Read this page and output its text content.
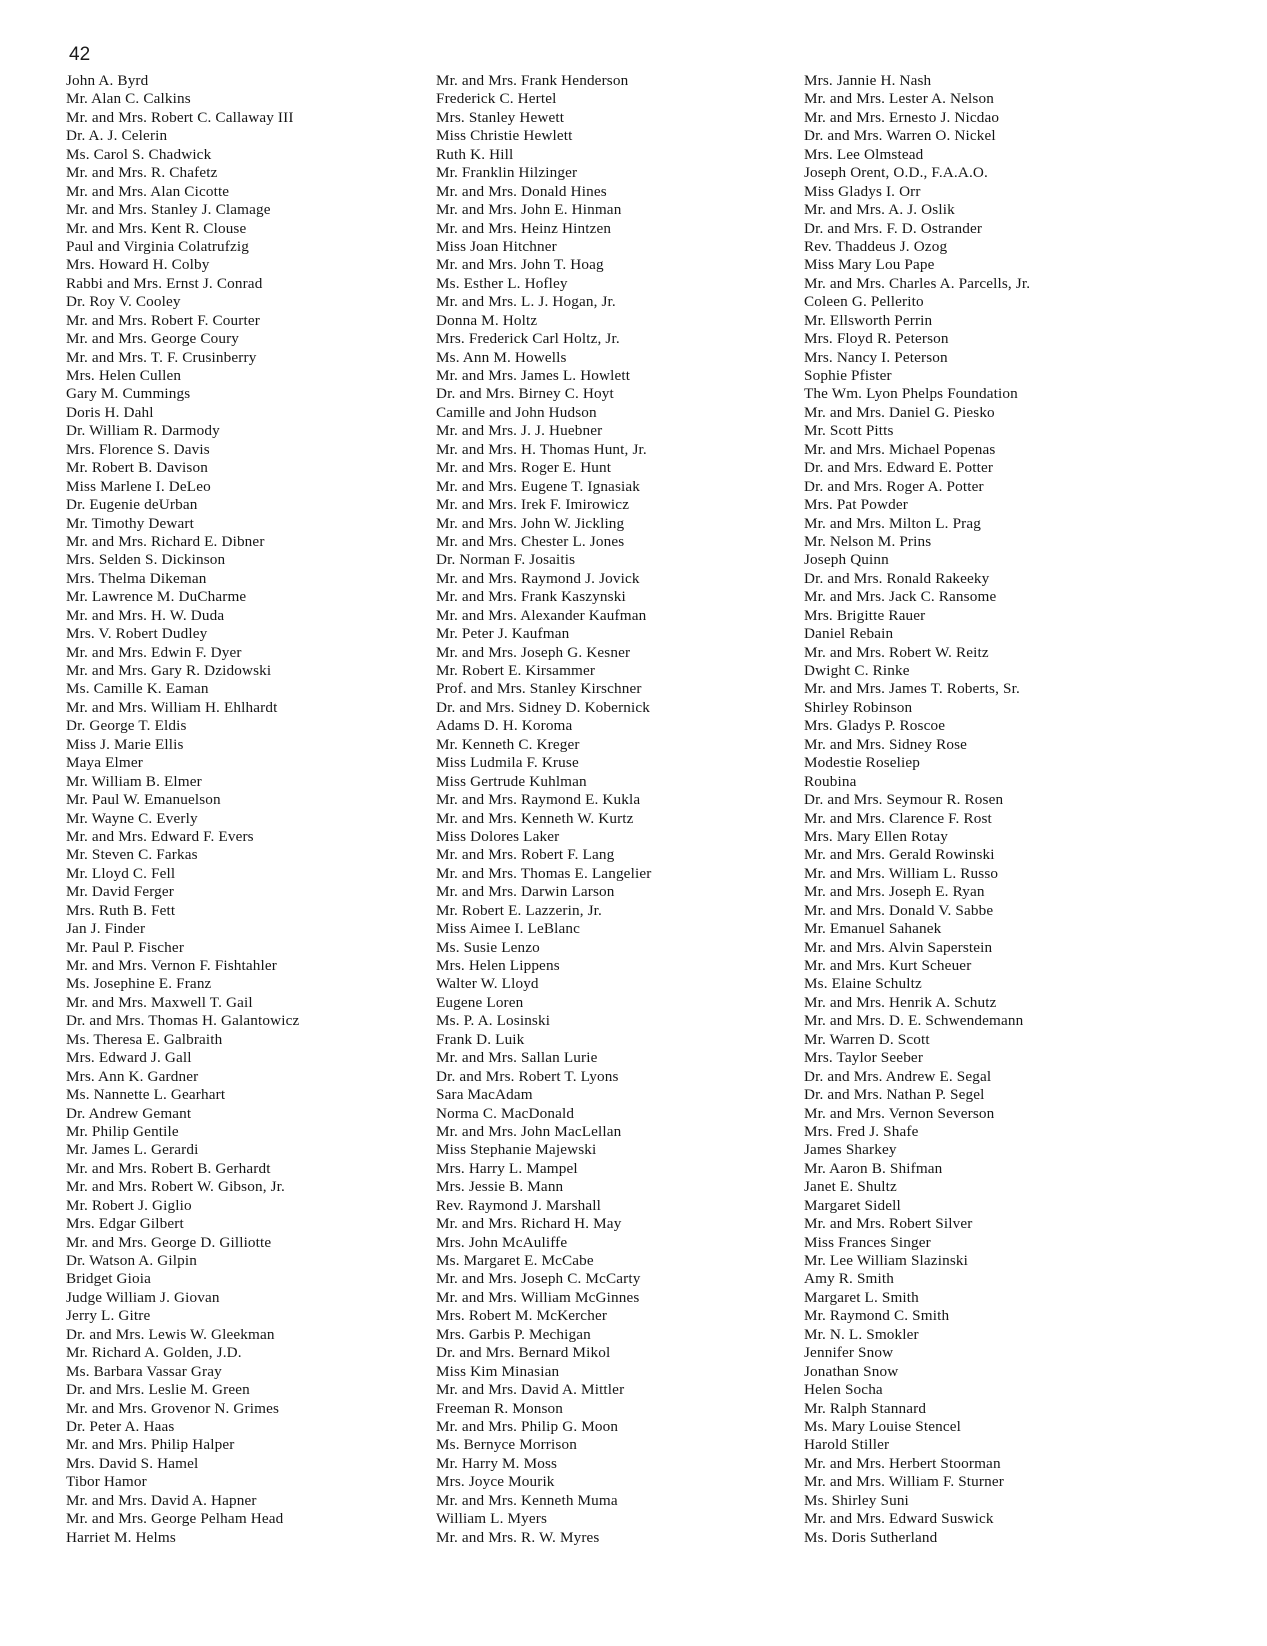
42
John A. Byrd
Mr. Alan C. Calkins
Mr. and Mrs. Robert C. Callaway III
Dr. A. J. Celerin
Ms. Carol S. Chadwick
Mr. and Mrs. R. Chafetz
Mr. and Mrs. Alan Cicotte
Mr. and Mrs. Stanley J. Clamage
Mr. and Mrs. Kent R. Clouse
Paul and Virginia Colatrufzig
Mrs. Howard H. Colby
Rabbi and Mrs. Ernst J. Conrad
Dr. Roy V. Cooley
Mr. and Mrs. Robert F. Courter
Mr. and Mrs. George Coury
Mr. and Mrs. T. F. Crusinberry
Mrs. Helen Cullen
Gary M. Cummings
Doris H. Dahl
Dr. William R. Darmody
Mrs. Florence S. Davis
Mr. Robert B. Davison
Miss Marlene I. DeLeo
Dr. Eugenie deUrban
Mr. Timothy Dewart
Mr. and Mrs. Richard E. Dibner
Mrs. Selden S. Dickinson
Mrs. Thelma Dikeman
Mr. Lawrence M. DuCharme
Mr. and Mrs. H. W. Duda
Mrs. V. Robert Dudley
Mr. and Mrs. Edwin F. Dyer
Mr. and Mrs. Gary R. Dzidowski
Ms. Camille K. Eaman
Mr. and Mrs. William H. Ehlhardt
Dr. George T. Eldis
Miss J. Marie Ellis
Maya Elmer
Mr. William B. Elmer
Mr. Paul W. Emanuelson
Mr. Wayne C. Everly
Mr. and Mrs. Edward F. Evers
Mr. Steven C. Farkas
Mr. Lloyd C. Fell
Mr. David Ferger
Mrs. Ruth B. Fett
Jan J. Finder
Mr. Paul P. Fischer
Mr. and Mrs. Vernon F. Fishtahler
Ms. Josephine E. Franz
Mr. and Mrs. Maxwell T. Gail
Dr. and Mrs. Thomas H. Galantowicz
Ms. Theresa E. Galbraith
Mrs. Edward J. Gall
Mrs. Ann K. Gardner
Ms. Nannette L. Gearhart
Dr. Andrew Gemant
Mr. Philip Gentile
Mr. James L. Gerardi
Mr. and Mrs. Robert B. Gerhardt
Mr. and Mrs. Robert W. Gibson, Jr.
Mr. Robert J. Giglio
Mrs. Edgar Gilbert
Mr. and Mrs. George D. Gilliotte
Dr. Watson A. Gilpin
Bridget Gioia
Judge William J. Giovan
Jerry L. Gitre
Dr. and Mrs. Lewis W. Gleekman
Mr. Richard A. Golden, J.D.
Ms. Barbara Vassar Gray
Dr. and Mrs. Leslie M. Green
Mr. and Mrs. Grovenor N. Grimes
Dr. Peter A. Haas
Mr. and Mrs. Philip Halper
Mrs. David S. Hamel
Tibor Hamor
Mr. and Mrs. David A. Hapner
Mr. and Mrs. George Pelham Head
Harriet M. Helms
Mr. and Mrs. Frank Henderson
Frederick C. Hertel
Mrs. Stanley Hewett
Miss Christie Hewlett
Ruth K. Hill
Mr. Franklin Hilzinger
Mr. and Mrs. Donald Hines
Mr. and Mrs. John E. Hinman
Mr. and Mrs. Heinz Hintzen
Miss Joan Hitchner
Mr. and Mrs. John T. Hoag
Ms. Esther L. Hofley
Mr. and Mrs. L. J. Hogan, Jr.
Donna M. Holtz
Mrs. Frederick Carl Holtz, Jr.
Ms. Ann M. Howells
Mr. and Mrs. James L. Howlett
Dr. and Mrs. Birney C. Hoyt
Camille and John Hudson
Mr. and Mrs. J. J. Huebner
Mr. and Mrs. H. Thomas Hunt, Jr.
Mr. and Mrs. Roger E. Hunt
Mr. and Mrs. Eugene T. Ignasiak
Mr. and Mrs. Irek F. Imirowicz
Mr. and Mrs. John W. Jickling
Mr. and Mrs. Chester L. Jones
Dr. Norman F. Josaitis
Mr. and Mrs. Raymond J. Jovick
Mr. and Mrs. Frank Kaszynski
Mr. and Mrs. Alexander Kaufman
Mr. Peter J. Kaufman
Mr. and Mrs. Joseph G. Kesner
Mr. Robert E. Kirsammer
Prof. and Mrs. Stanley Kirschner
Dr. and Mrs. Sidney D. Kobernick
Adams D. H. Koroma
Mr. Kenneth C. Kreger
Miss Ludmila F. Kruse
Miss Gertrude Kuhlman
Mr. and Mrs. Raymond E. Kukla
Mr. and Mrs. Kenneth W. Kurtz
Miss Dolores Laker
Mr. and Mrs. Robert F. Lang
Mr. and Mrs. Thomas E. Langelier
Mr. and Mrs. Darwin Larson
Mr. Robert E. Lazzerin, Jr.
Miss Aimee I. LeBlanc
Ms. Susie Lenzo
Mrs. Helen Lippens
Walter W. Lloyd
Eugene Loren
Ms. P. A. Losinski
Frank D. Luik
Mr. and Mrs. Sallan Lurie
Dr. and Mrs. Robert T. Lyons
Sara MacAdam
Norma C. MacDonald
Mr. and Mrs. John MacLellan
Miss Stephanie Majewski
Mrs. Harry L. Mampel
Mrs. Jessie B. Mann
Rev. Raymond J. Marshall
Mr. and Mrs. Richard H. May
Mrs. John McAuliffe
Ms. Margaret E. McCabe
Mr. and Mrs. Joseph C. McCarty
Mr. and Mrs. William McGinnes
Mrs. Robert M. McKercher
Mrs. Garbis P. Mechigan
Dr. and Mrs. Bernard Mikol
Miss Kim Minasian
Mr. and Mrs. David A. Mittler
Freeman R. Monson
Mr. and Mrs. Philip G. Moon
Ms. Bernyce Morrison
Mr. Harry M. Moss
Mrs. Joyce Mourik
Mr. and Mrs. Kenneth Muma
William L. Myers
Mr. and Mrs. R. W. Myres
Mrs. Jannie H. Nash
Mr. and Mrs. Lester A. Nelson
Mr. and Mrs. Ernesto J. Nicdao
Dr. and Mrs. Warren O. Nickel
Mrs. Lee Olmstead
Joseph Orent, O.D., F.A.A.O.
Miss Gladys I. Orr
Mr. and Mrs. A. J. Oslik
Dr. and Mrs. F. D. Ostrander
Rev. Thaddeus J. Ozog
Miss Mary Lou Pape
Mr. and Mrs. Charles A. Parcells, Jr.
Coleen G. Pellerito
Mr. Ellsworth Perrin
Mrs. Floyd R. Peterson
Mrs. Nancy I. Peterson
Sophie Pfister
The Wm. Lyon Phelps Foundation
Mr. and Mrs. Daniel G. Piesko
Mr. Scott Pitts
Mr. and Mrs. Michael Popenas
Dr. and Mrs. Edward E. Potter
Dr. and Mrs. Roger A. Potter
Mrs. Pat Powder
Mr. and Mrs. Milton L. Prag
Mr. Nelson M. Prins
Joseph Quinn
Dr. and Mrs. Ronald Rakeeky
Mr. and Mrs. Jack C. Ransome
Mrs. Brigitte Rauer
Daniel Rebain
Mr. and Mrs. Robert W. Reitz
Dwight C. Rinke
Mr. and Mrs. James T. Roberts, Sr.
Shirley Robinson
Mrs. Gladys P. Roscoe
Mr. and Mrs. Sidney Rose
Modestie Roseliep
Roubina
Dr. and Mrs. Seymour R. Rosen
Mr. and Mrs. Clarence F. Rost
Mrs. Mary Ellen Rotay
Mr. and Mrs. Gerald Rowinski
Mr. and Mrs. William L. Russo
Mr. and Mrs. Joseph E. Ryan
Mr. and Mrs. Donald V. Sabbe
Mr. Emanuel Sahanek
Mr. and Mrs. Alvin Saperstein
Mr. and Mrs. Kurt Scheuer
Ms. Elaine Schultz
Mr. and Mrs. Henrik A. Schutz
Mr. and Mrs. D. E. Schwendemann
Mr. Warren D. Scott
Mrs. Taylor Seeber
Dr. and Mrs. Andrew E. Segal
Dr. and Mrs. Nathan P. Segel
Mr. and Mrs. Vernon Severson
Mrs. Fred J. Shafe
James Sharkey
Mr. Aaron B. Shifman
Janet E. Shultz
Margaret Sidell
Mr. and Mrs. Robert Silver
Miss Frances Singer
Mr. Lee William Slazinski
Amy R. Smith
Margaret L. Smith
Mr. Raymond C. Smith
Mr. N. L. Smokler
Jennifer Snow
Jonathan Snow
Helen Socha
Mr. Ralph Stannard
Ms. Mary Louise Stencel
Harold Stiller
Mr. and Mrs. Herbert Stoorman
Mr. and Mrs. William F. Sturner
Ms. Shirley Suni
Mr. and Mrs. Edward Suswick
Ms. Doris Sutherland
